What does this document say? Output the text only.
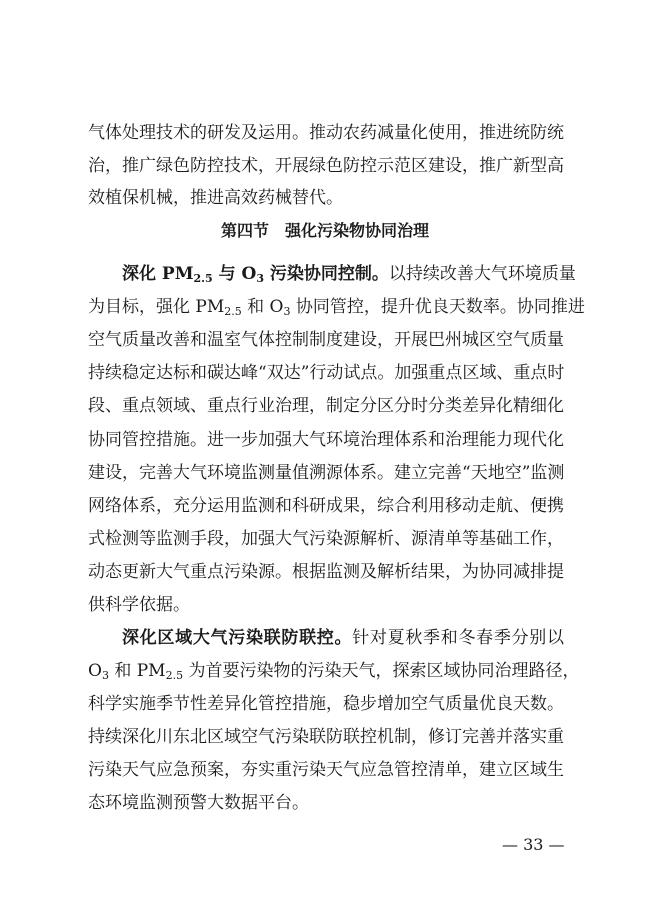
气体处理技术的研发及运用。推动农药减量化使用，推进统防统
治，推广绿色防控技术，开展绿色防控示范区建设，推广新型高
效植保机械，推进高效药械替代。
第四节　强化污染物协同治理
深化 $PM_{2.5}$ 与 $O_3$ 污染协同控制。以持续改善大气环境质量
为目标，强化 $PM_{2.5}$ 和 $O_3$ 协同管控，提升优良天数率。协同推进
空气质量改善和温室气体控制制度建设，开展巴州城区空气质量
持续稳定达标和碳达峰“双达”行动试点。加强重点区域、重点时
段、重点领域、重点行业治理，制定分区分时分类差异化精细化
协同管控措施。进一步加强大气环境治理体系和治理能力现代化
建设，完善大气环境监测量值溯源体系。建立完善“天地空”监测
网络体系，充分运用监测和科研成果，综合利用移动走航、便携
式检测等监测手段，加强大气污染源解析、源清单等基础工作，
动态更新大气重点污染源。根据监测及解析结果，为协同减排提
供科学依据。
深化区域大气污染联防联控。针对夏秋季和冬春季分别以
$O_3$ 和 $PM_{2.5}$ 为首要污染物的污染天气，探索区域协同治理路径，
科学实施季节性差异化管控措施，稳步增加空气质量优良天数。
持续深化川东北区域空气污染联防联控机制，修订完善并落实重
污染天气应急预案，夯实重污染天气应急管控清单，建立区域生
态环境监测预警大数据平台。
— 33 —
